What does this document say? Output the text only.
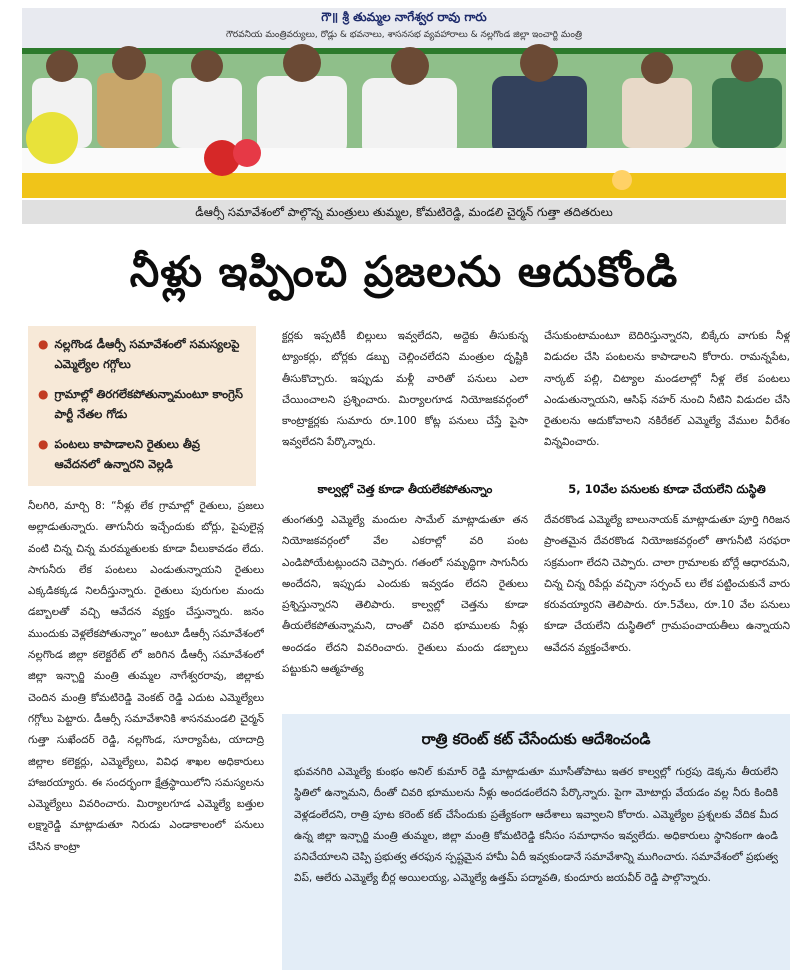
గౌ॥ శ్రీ తుమ్మల నాగేశ్వర రావు గారు
గౌరవనీయ మంత్రివర్యులు, రోడ్లు & భవనాలు, శాసనసభ వ్యవహారాలు & నల్లగొండ జిల్లా ఇంచార్జి మంత్రి
డీఆర్సీ సమావేశంలో పాల్గొన్న మంత్రులు తుమ్మల, కోమటిరెడ్డి, మండలి చైర్మన్ గుత్తా తదితరులు
నీళ్లు ఇప్పించి ప్రజలను ఆదుకోండి
● నల్లగొండ డీఆర్సీ సమావేశంలో సమస్యలపై ఎమ్మెల్యేల గగ్గోలు
● గ్రామాల్లో తిరగలేకపోతున్నామంటూ కాంగ్రెస్ పార్టీ నేతల గోడు
● పంటలు కాపాడాలని రైతులు తీవ్ర ఆవేదనలో ఉన్నారని వెల్లడి

నీలగిరి, మార్చి 8: “నీళ్లు లేక గ్రామాల్లో రైతులు, ప్రజలు అల్లాడుతున్నారు. తాగునీరు ఇచ్చేందుకు బోర్లు, పైపులైన్ల వంటి చిన్న చిన్న మరమ్మతులకు కూడా వీలుకావడం లేదు. సాగునీరు లేక పంటలు ఎండుతున్నాయని రైతులు ఎక్కడికక్కడ నిలదీస్తున్నారు. రైతులు పురుగుల మందు డబ్బాలతో వచ్చి ఆవేదన వ్యక్తం చేస్తున్నారు. జనం ముందుకు వెళ్లలేకపోతున్నాం” అంటూ డీఆర్సీ సమావేశంలో నల్లగొండ జిల్లా కలెక్టరేట్ లో జరిగిన డీఆర్సీ సమావేశంలో జిల్లా ఇన్చార్జి మంత్రి తుమ్మల నాగేశ్వరరావు, జిల్లాకు చెందిన మంత్రి కోమటిరెడ్డి వెంకట్ రెడ్డి ఎదుట ఎమ్మెల్యేలు గగ్గోలు పెట్టారు. డీఆర్సీ సమావేశానికి శాసనమండలి చైర్మన్ గుత్తా సుఖేందర్ రెడ్డి, నల్లగొండ, సూర్యాపేట, యాదాద్రి జిల్లాల కలెక్టర్లు, ఎమ్మెల్యేలు, వివిధ శాఖల అధికారులు హాజరయ్యారు. ఈ సందర్భంగా క్షేత్రస్థాయిలోని సమస్యలను ఎమ్మెల్యేలు వివరించారు. మిర్యాలగూడ ఎమ్మెల్యే బత్తుల లక్ష్మారెడ్డి మాట్లాడుతూ నిరుడు ఎండాకాలంలో పనులు చేసిన కాంట్రా

క్టర్లకు ఇప్పటికీ బిల్లులు ఇవ్వలేదని, అద్దెకు తీసుకున్న ట్యాంకర్లు, బోర్లకు డబ్బు చెల్లించలేదని మంత్రుల దృష్టికి తీసుకొచ్చారు. ఇప్పుడు మళ్లీ వారితో పనులు ఎలా చేయించాలని ప్రశ్నించారు. మిర్యాలగూడ నియోజకవర్గంలో కాంట్రాక్టర్లకు సుమారు రూ.100 కోట్ల పనులు చేస్తే పైసా ఇవ్వలేదని పేర్కొన్నారు.

కాల్వల్లో చెత్త కూడా తీయలేకపోతున్నాం

తుంగతుర్తి ఎమ్మెల్యే మందుల సామేల్ మాట్లాడుతూ తన నియోజకవర్గంలో వేల ఎకరాల్లో వరి పంట ఎండిపోయేటట్లుందని చెప్పారు. గతంలో సమృద్ధిగా సాగునీరు అందేదని, ఇప్పుడు ఎందుకు ఇవ్వడం లేదని రైతులు ప్రశ్నిస్తున్నారని తెలిపారు. కాల్వల్లో చెత్తను కూడా తీయలేకపోతున్నామని, దాంతో చివరి భూములకు నీళ్లు అందడం లేదని వివరించారు. రైతులు మందు డబ్బాలు పట్టుకుని ఆత్మహత్య

చేసుకుంటామంటూ బెదిరిస్తున్నారని, బిక్కేరు వాగుకు నీళ్ల విడుదల చేసి పంటలను కాపాడాలని కోరారు. రామన్నపేట, నార్కట్ పల్లి, చిట్యాల మండలాల్లో నీళ్ల లేక పంటలు ఎండుతున్నాయని, ఆసిఫ్ నహర్ నుంచి నీటిని విడుదల చేసి రైతులను ఆదుకోవాలని నకిరేకల్ ఎమ్మెల్యే వేముల వీరేశం విన్నవించారు.

5, 10వేల పనులకు కూడా చేయలేని దుస్థితి

దేవరకొండ ఎమ్మెల్యే బాలునాయక్ మాట్లాడుతూ పూర్తి గిరిజన ప్రాంతమైన దేవరకొండ నియోజకవర్గంలో తాగునీటి సరఫరా సక్రమంగా లేదని చెప్పారు. చాలా గ్రామాలకు బోర్లే ఆధారమని, చిన్న చిన్న రిపేర్లు వచ్చినా సర్పంచ్ లు లేక పట్టించుకునే వారు కరువయ్యారని తెలిపారు. రూ.5వేలు, రూ.10 వేల పనులు కూడా చేయలేని దుస్థితిలో గ్రామపంచాయతీలు ఉన్నాయని ఆవేదన వ్యక్తంచేశారు.

రాత్రి కరెంట్ కట్ చేసేందుకు ఆదేశించండి
భువనగిరి ఎమ్మెల్యే కుంభం అనిల్ కుమార్ రెడ్డి మాట్లాడుతూ మూసీతోపాటు ఇతర కాల్వల్లో గుర్రపు డెక్కను తీయలేని స్థితిలో ఉన్నామని, దీంతో చివరి భూములను నీళ్లు అందడంలేదని పేర్కొన్నారు. పైగా మోటార్లు వేయడం వల్ల నీరు కిందికి వెళ్లడంలేదని, రాత్రి పూట కరెంట్ కట్ చేసేందుకు ప్రత్యేకంగా ఆదేశాలు ఇవ్వాలని కోరారు. ఎమ్మెల్యేల ప్రశ్నలకు వేదిక మీద ఉన్న జిల్లా ఇన్చార్జి మంత్రి తుమ్మల, జిల్లా మంత్రి కోమటిరెడ్డి కనీసం సమాధానం ఇవ్వలేదు. అధికారులు స్థానికంగా ఉండి పనిచేయాలని చెప్పి ప్రభుత్వ తరఫున స్పష్టమైన హామీ ఏదీ ఇవ్వకుండానే సమావేశాన్ని ముగించారు. సమావేశంలో ప్రభుత్వ విప్, ఆలేరు ఎమ్మెల్యే బీర్ల అయిలయ్య, ఎమ్మెల్యే ఉత్తమ్ పద్మావతి, కుందూరు జయవీర్ రెడ్డి పాల్గొన్నారు.
